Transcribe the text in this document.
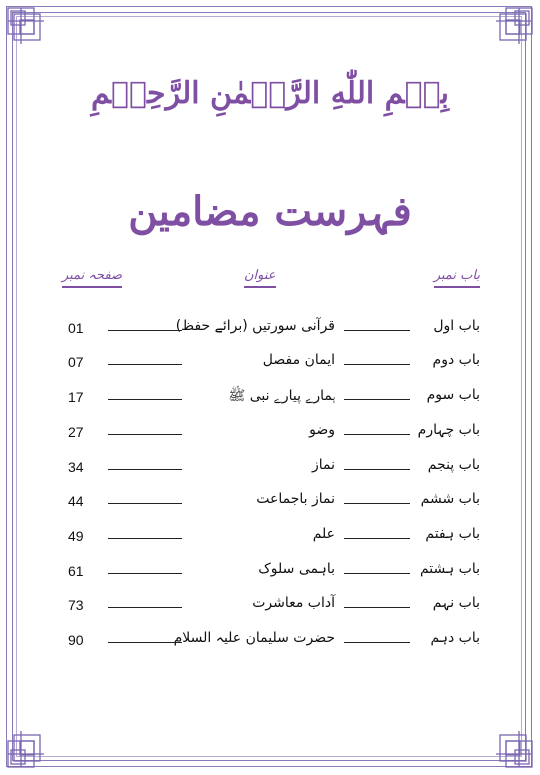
بِسۡمِ اللّٰهِ الرَّحۡمٰنِ الرَّحِیۡمِ
فہرست مضامین
باب نمبر
عنوان
صفحہ نمبر
باب اول
قرآنی سورتیں (برائے حفظ)
01
باب دوم
ایمان مفصل
07
باب سوم
ہمارے پیارے نبی ﷺ
17
باب چہارم
وضو
27
باب پنجم
نماز
34
باب ششم
نماز باجماعت
44
باب ہفتم
علم
49
باب ہشتم
باہمی سلوک
61
باب نہم
آداب معاشرت
73
باب دہم
حضرت سلیمان علیہ السلام
90
